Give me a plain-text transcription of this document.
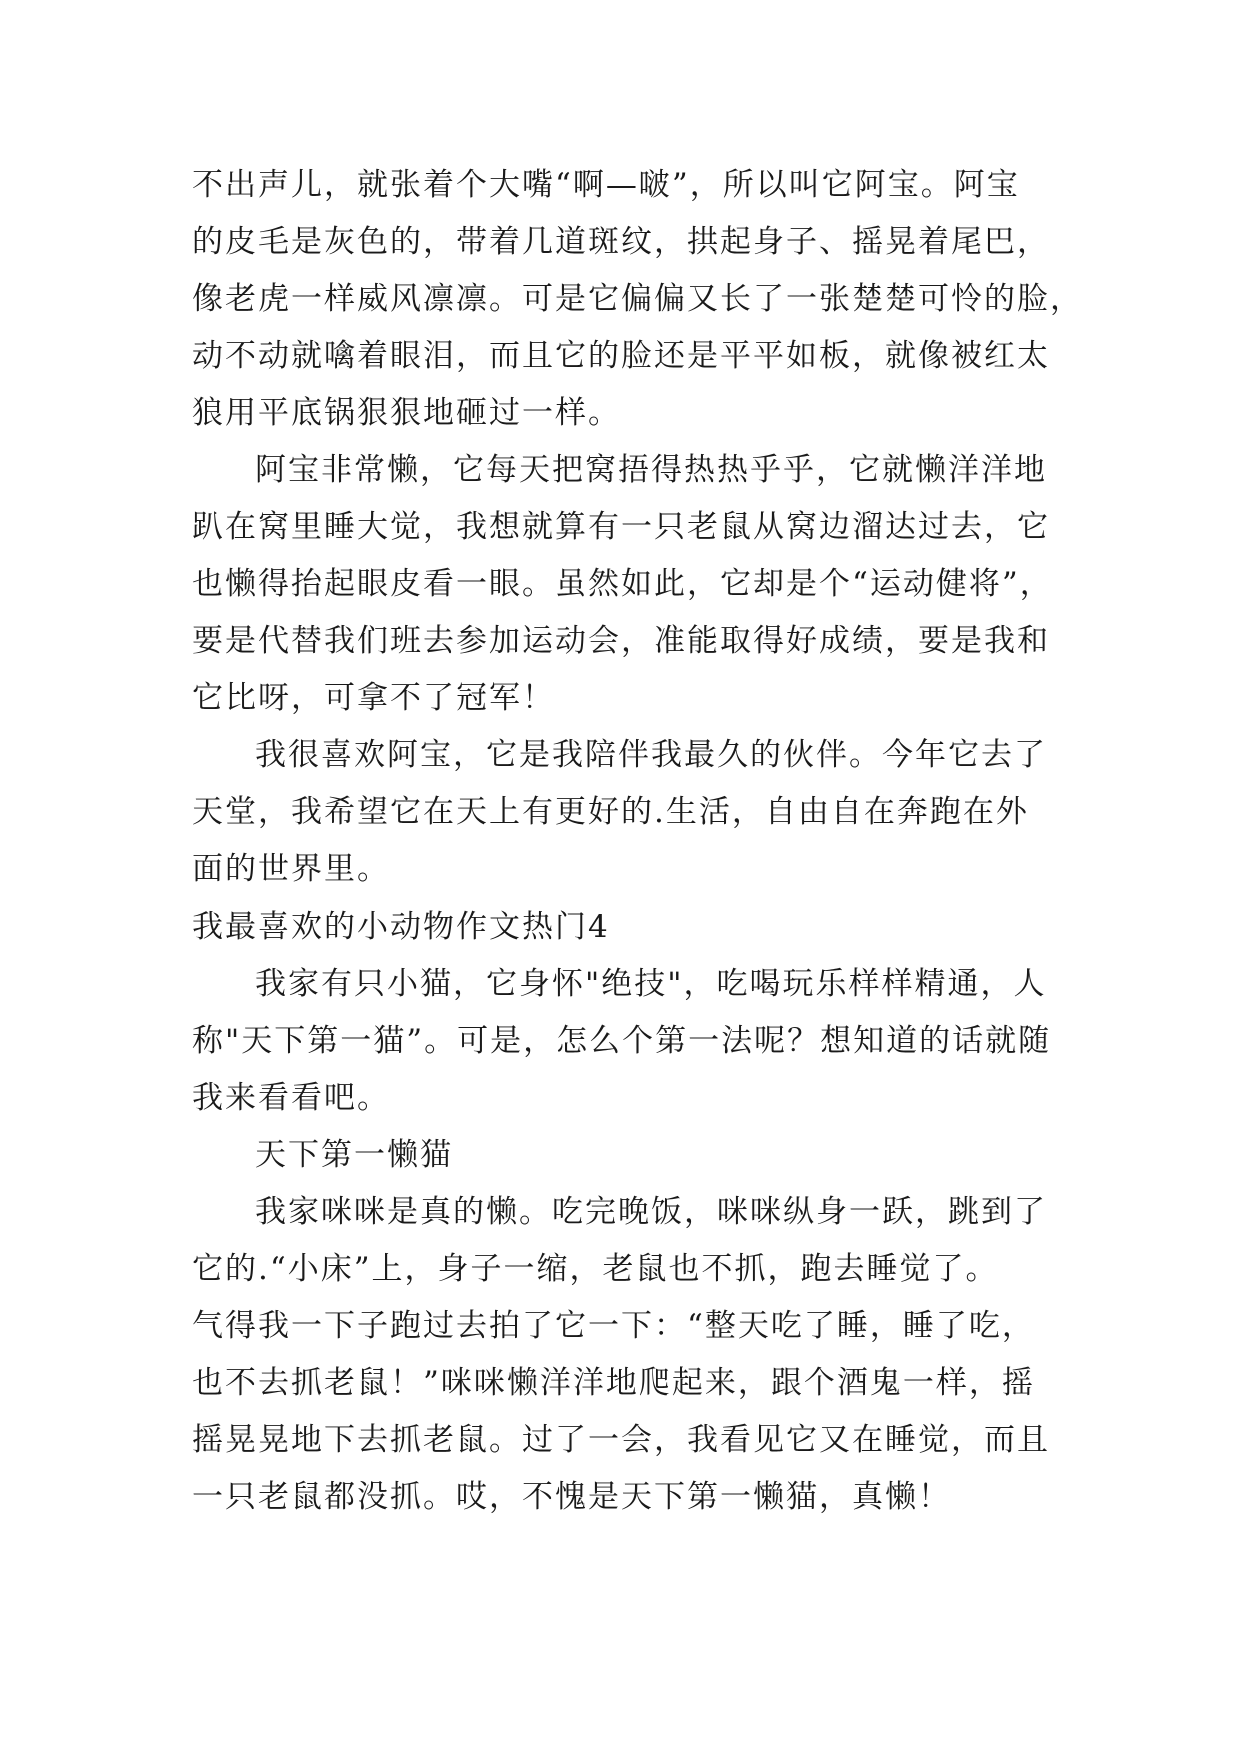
不出声儿，就张着个大嘴“啊—啵”，所以叫它阿宝。阿宝
的皮毛是灰色的，带着几道斑纹，拱起身子、摇晃着尾巴，
像老虎一样威风凛凛。可是它偏偏又长了一张楚楚可怜的脸，
动不动就噙着眼泪，而且它的脸还是平平如板，就像被红太
狼用平底锅狠狠地砸过一样。
阿宝非常懒，它每天把窝捂得热热乎乎，它就懒洋洋地
趴在窝里睡大觉，我想就算有一只老鼠从窝边溜达过去，它
也懒得抬起眼皮看一眼。虽然如此，它却是个“运动健将”，
要是代替我们班去参加运动会，准能取得好成绩，要是我和
它比呀，可拿不了冠军！
我很喜欢阿宝，它是我陪伴我最久的伙伴。今年它去了
天堂，我希望它在天上有更好的.生活，自由自在奔跑在外
面的世界里。
我最喜欢的小动物作文热门4
我家有只小猫，它身怀"绝技"，吃喝玩乐样样精通，人
称"天下第一猫”。可是，怎么个第一法呢？想知道的话就随
我来看看吧。
天下第一懒猫
我家咪咪是真的懒。吃完晚饭，咪咪纵身一跃，跳到了
它的.“小床”上，身子一缩，老鼠也不抓，跑去睡觉了。
气得我一下子跑过去拍了它一下：“整天吃了睡，睡了吃，
也不去抓老鼠！”咪咪懒洋洋地爬起来，跟个酒鬼一样，摇
摇晃晃地下去抓老鼠。过了一会，我看见它又在睡觉，而且
一只老鼠都没抓。哎，不愧是天下第一懒猫，真懒！
